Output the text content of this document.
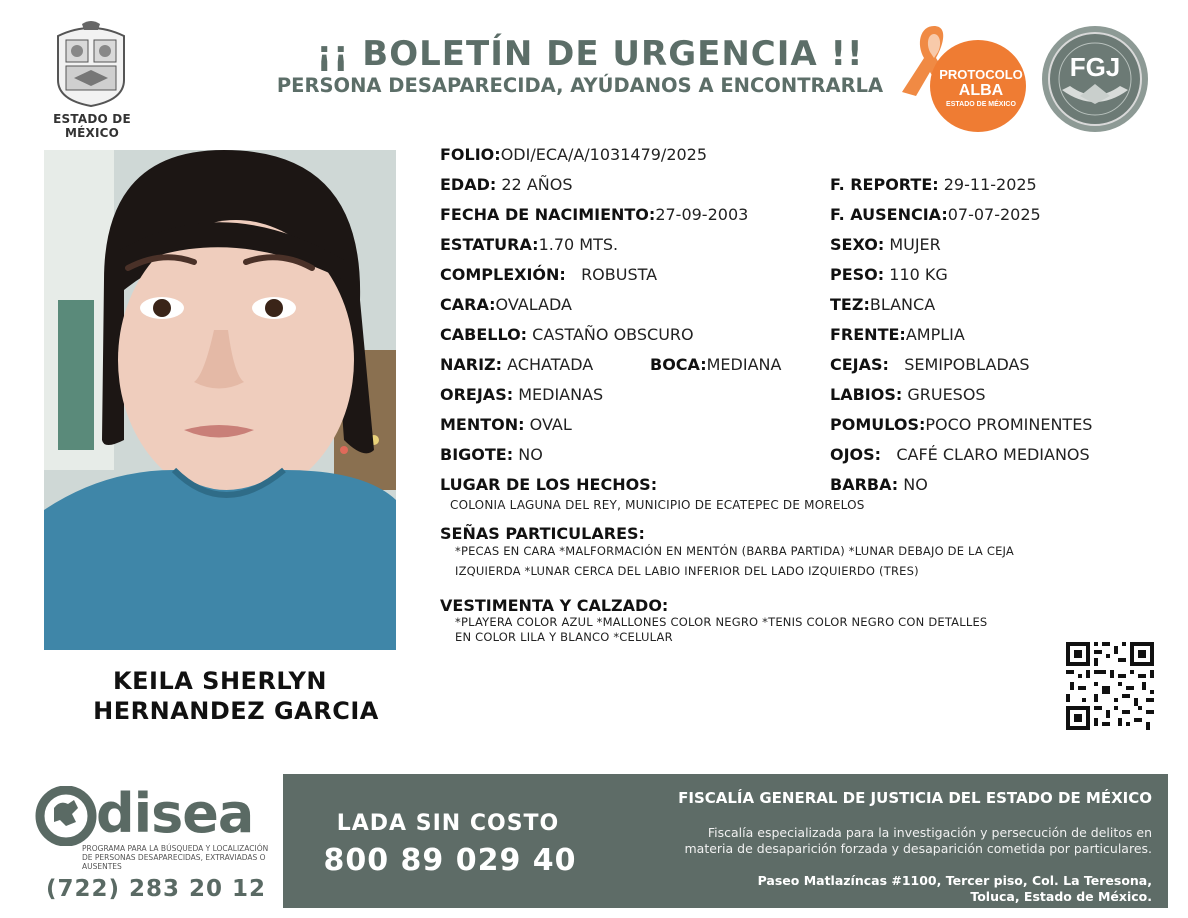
ESTADO DE MÉXICO
¡¡ BOLETÍN DE URGENCIA !!
PERSONA DESAPARECIDA, AYÚDANOS A ENCONTRARLA	PROTOCOLO
ALBA
ESTADO DE MÉXICO
FGJ
KEILA SHERLYN
HERNANDEZ GARCIA
FOLIO:ODI/ECA/A/1031479/2025
EDAD: 22 AÑOS
FECHA DE NACIMIENTO:27-09-2003
ESTATURA:1.70 MTS.
COMPLEXIÓN: ROBUSTA
CARA:OVALADA
CABELLO: CASTAÑO OBSCURO
NARIZ: ACHATADA	BOCA:MEDIANA
OREJAS: MEDIANAS
MENTON: OVAL
BIGOTE: NO
LUGAR DE LOS HECHOS:
COLONIA LAGUNA DEL REY, MUNICIPIO DE ECATEPEC DE MORELOS
F. REPORTE: 29-11-2025
F. AUSENCIA:07-07-2025
SEXO: MUJER
PESO: 110 KG
TEZ:BLANCA
FRENTE:AMPLIA
CEJAS: SEMIPOBLADAS
LABIOS: GRUESOS
POMULOS:POCO PROMINENTES
OJOS: CAFÉ CLARO MEDIANOS
BARBA: NO
SEÑAS PARTICULARES:
*PECAS EN CARA *MALFORMACIÓN EN MENTÓN (BARBA PARTIDA) *LUNAR DEBAJO DE LA CEJA
IZQUIERDA *LUNAR CERCA DEL LABIO INFERIOR DEL LADO IZQUIERDO (TRES)
VESTIMENTA Y CALZADO:
*PLAYERA COLOR AZUL *MALLONES COLOR NEGRO *TENIS COLOR NEGRO CON DETALLES
EN COLOR LILA Y BLANCO *CELULAR
disea
PROGRAMA PARA LA BÚSQUEDA Y LOCALIZACIÓN DE PERSONAS DESAPARECIDAS, EXTRAVIADAS O AUSENTES
(722) 283 20 12
LADA SIN COSTO
800 89 029 40
FISCALÍA GENERAL DE JUSTICIA DEL ESTADO DE MÉXICO
Fiscalía especializada para la investigación y persecución de delitos en
materia de desaparición forzada y desaparición cometida por particulares.
Paseo Matlazíncas #1100, Tercer piso, Col. La Teresona,
Toluca, Estado de México.
